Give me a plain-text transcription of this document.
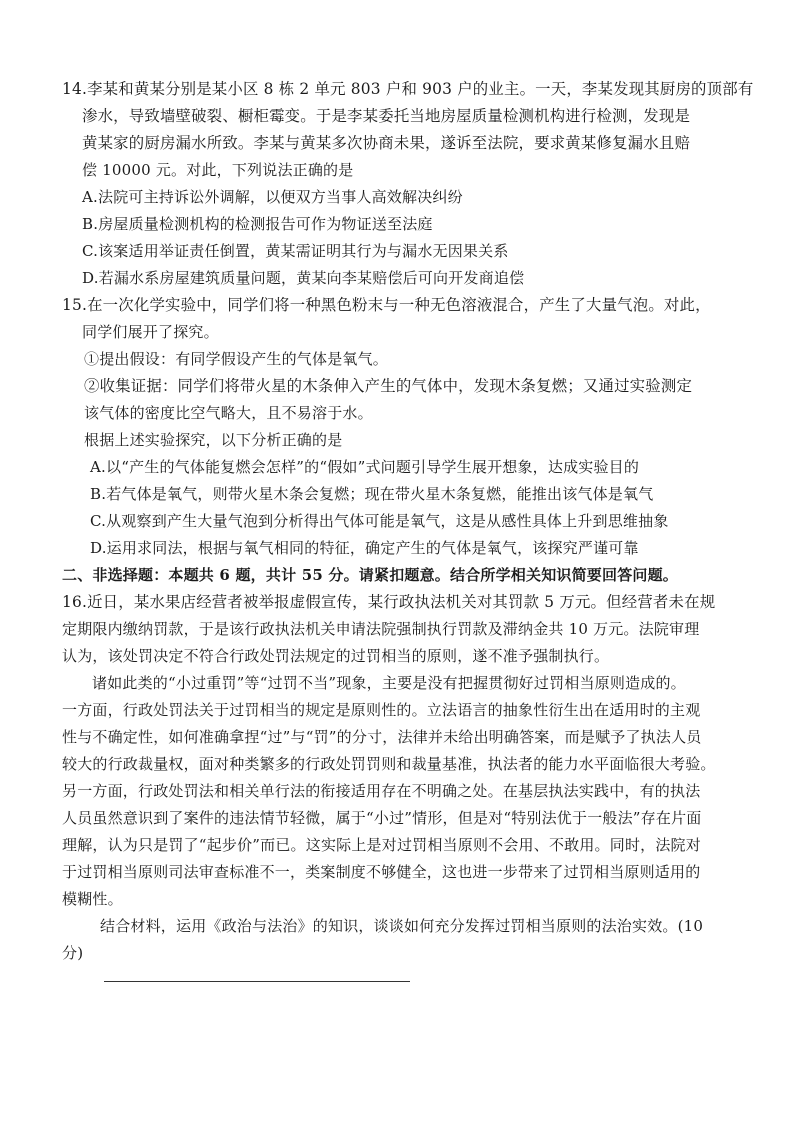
14.李某和黄某分别是某小区 8 栋 2 单元 803 户和 903 户的业主。一天，李某发现其厨房的顶部有
渗水，导致墙壁破裂、橱柜霉变。于是李某委托当地房屋质量检测机构进行检测，发现是
黄某家的厨房漏水所致。李某与黄某多次协商未果，遂诉至法院，要求黄某修复漏水且赔
偿 10000 元。对此，下列说法正确的是
A.法院可主持诉讼外调解，以便双方当事人高效解决纠纷
B.房屋质量检测机构的检测报告可作为物证送至法庭
C.该案适用举证责任倒置，黄某需证明其行为与漏水无因果关系
D.若漏水系房屋建筑质量问题，黄某向李某赔偿后可向开发商追偿
15.在一次化学实验中，同学们将一种黑色粉末与一种无色溶液混合，产生了大量气泡。对此，
同学们展开了探究。
①提出假设：有同学假设产生的气体是氧气。
②收集证据：同学们将带火星的木条伸入产生的气体中，发现木条复燃；又通过实验测定
该气体的密度比空气略大，且不易溶于水。
根据上述实验探究，以下分析正确的是
A.以“产生的气体能复燃会怎样”的“假如”式问题引导学生展开想象，达成实验目的
B.若气体是氧气，则带火星木条会复燃；现在带火星木条复燃，能推出该气体是氧气
C.从观察到产生大量气泡到分析得出气体可能是氧气，这是从感性具体上升到思维抽象
D.运用求同法，根据与氧气相同的特征，确定产生的气体是氧气，该探究严谨可靠
二、非选择题：本题共 6 题，共计 55 分。请紧扣题意。结合所学相关知识简要回答问题。
16.近日，某水果店经营者被举报虚假宣传，某行政执法机关对其罚款 5 万元。但经营者未在规
定期限内缴纳罚款，于是该行政执法机关申请法院强制执行罚款及滞纳金共 10 万元。法院审理
认为，该处罚决定不符合行政处罚法规定的过罚相当的原则，遂不准予强制执行。
诸如此类的“小过重罚”等“过罚不当”现象，主要是没有把握贯彻好过罚相当原则造成的。
一方面，行政处罚法关于过罚相当的规定是原则性的。立法语言的抽象性衍生出在适用时的主观
性与不确定性，如何准确拿捏“过”与“罚”的分寸，法律并未给出明确答案，而是赋予了执法人员
较大的行政裁量权，面对种类繁多的行政处罚罚则和裁量基准，执法者的能力水平面临很大考验。
另一方面，行政处罚法和相关单行法的衔接适用存在不明确之处。在基层执法实践中，有的执法
人员虽然意识到了案件的违法情节轻微，属于“小过”情形，但是对“特别法优于一般法”存在片面
理解，认为只是罚了“起步价”而已。这实际上是对过罚相当原则不会用、不敢用。同时，法院对
于过罚相当原则司法审查标准不一，类案制度不够健全，这也进一步带来了过罚相当原则适用的
模糊性。
结合材料，运用《政治与法治》的知识，谈谈如何充分发挥过罚相当原则的法治实效。(10
分)
